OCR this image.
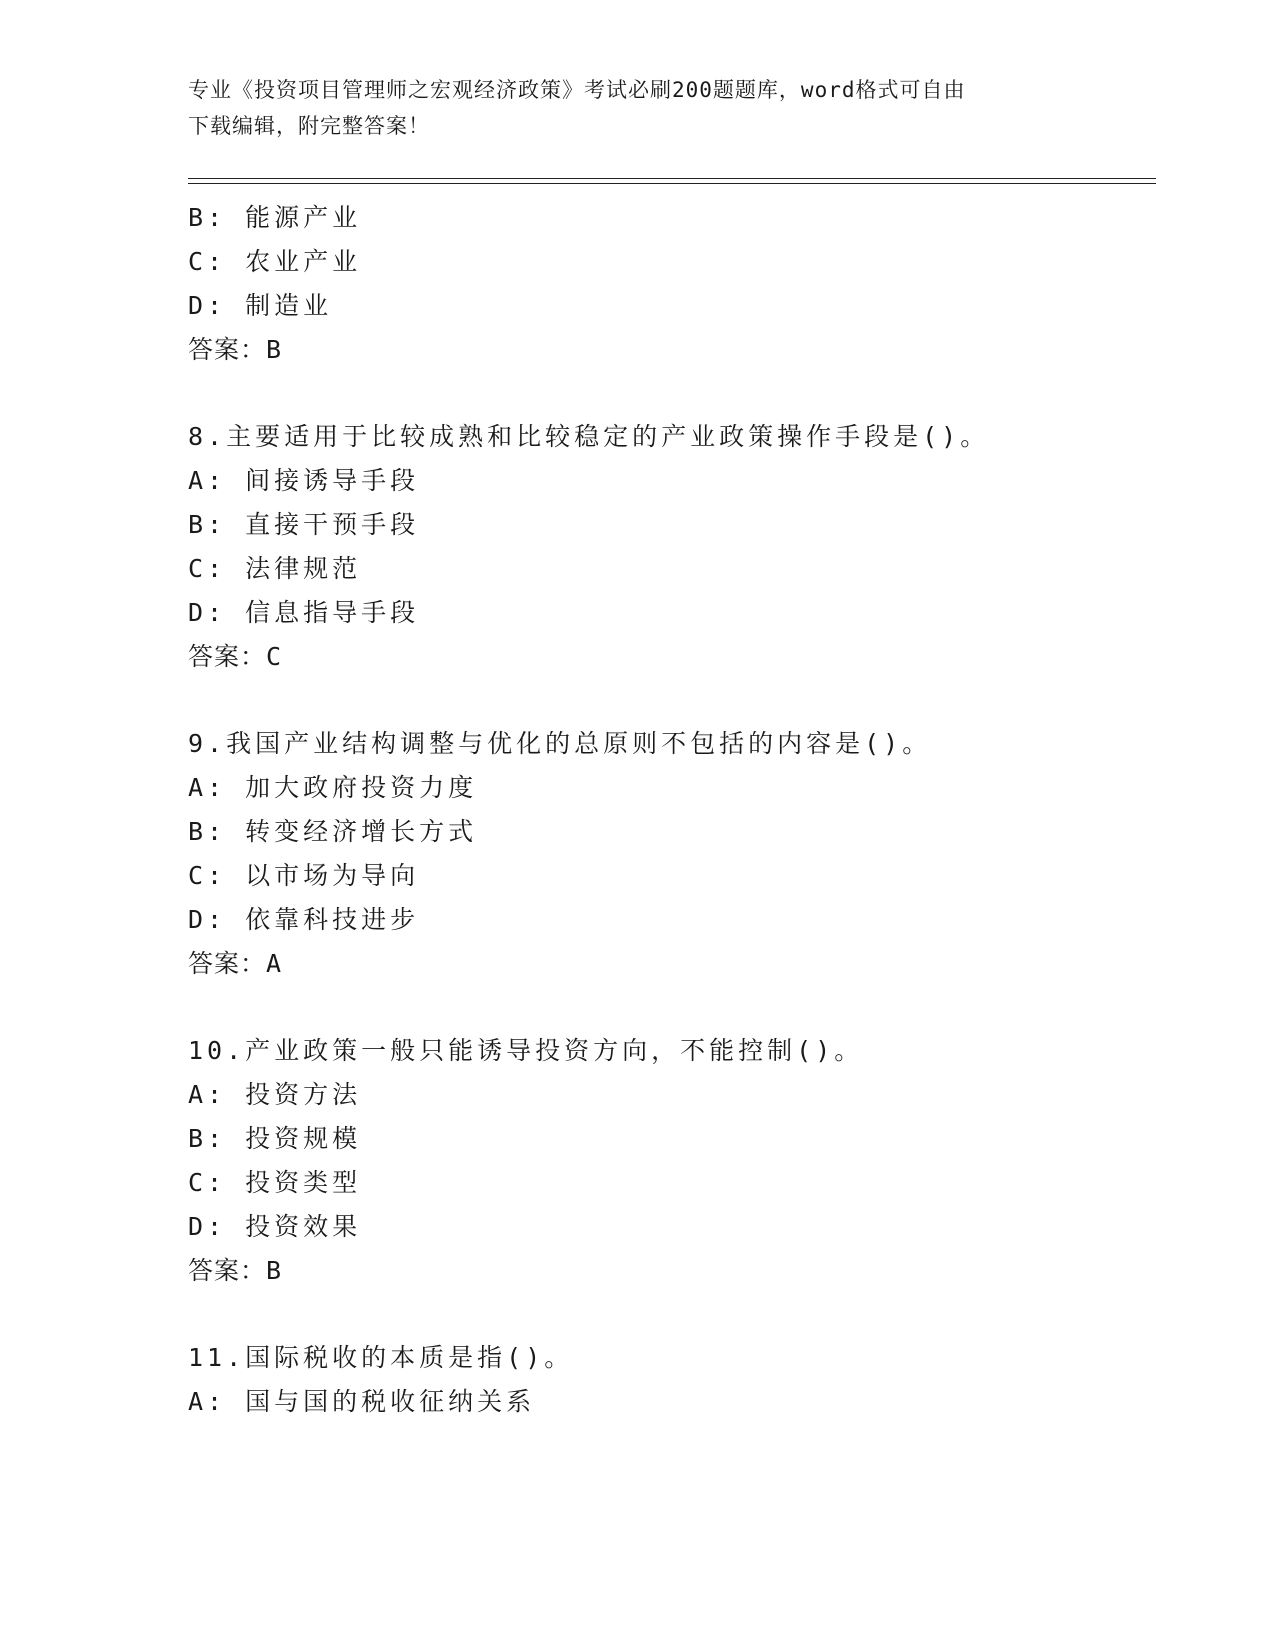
专业《投资项目管理师之宏观经济政策》考试必刷200题题库，word格式可自由
下载编辑，附完整答案！
B: 能源产业
C: 农业产业
D: 制造业
答案：B
8.主要适用于比较成熟和比较稳定的产业政策操作手段是()。
A: 间接诱导手段
B: 直接干预手段
C: 法律规范
D: 信息指导手段
答案：C
9.我国产业结构调整与优化的总原则不包括的内容是()。
A: 加大政府投资力度
B: 转变经济增长方式
C: 以市场为导向
D: 依靠科技进步
答案：A
10.产业政策一般只能诱导投资方向，不能控制()。
A: 投资方法
B: 投资规模
C: 投资类型
D: 投资效果
答案：B
11.国际税收的本质是指()。
A: 国与国的税收征纳关系
